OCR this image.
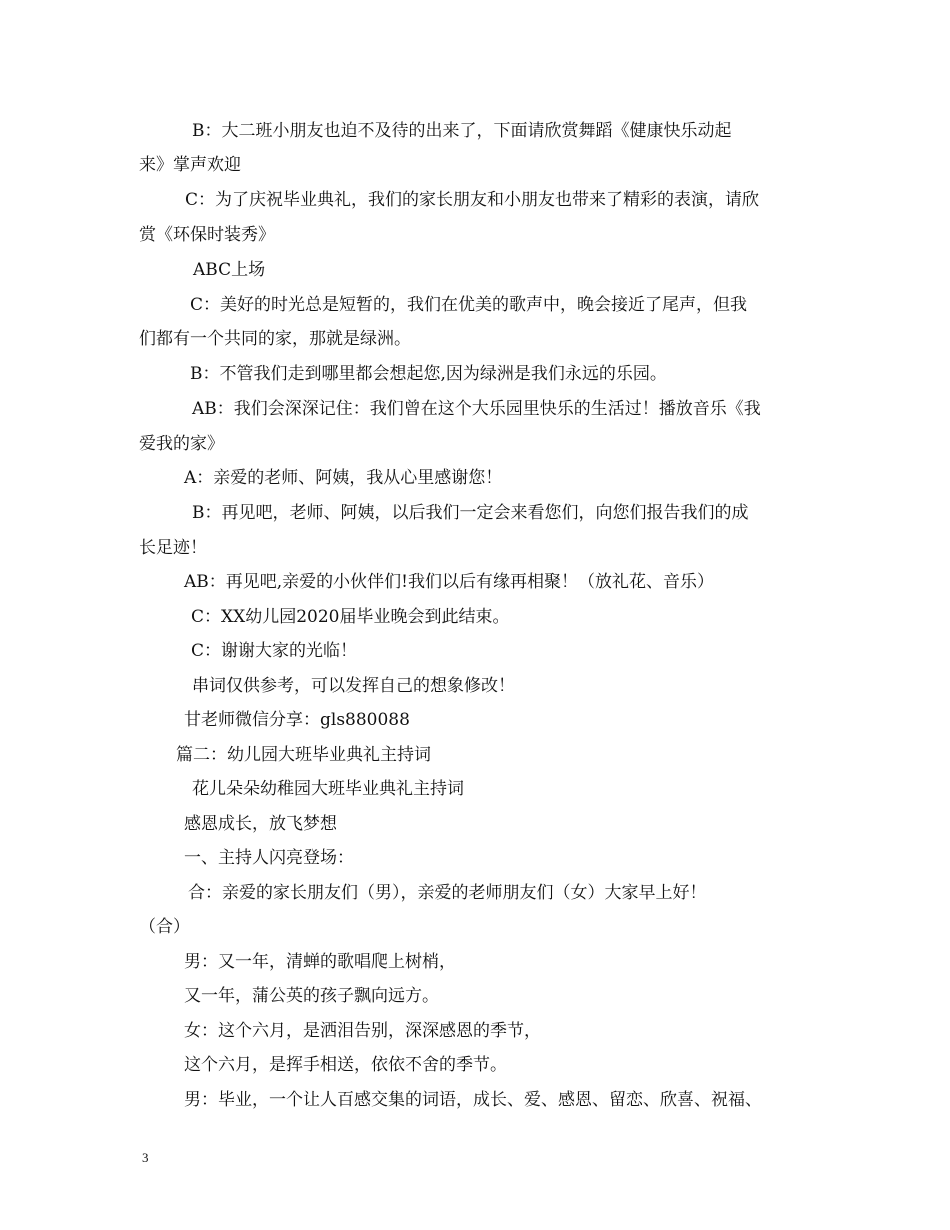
B：大二班小朋友也迫不及待的出来了，下面请欣赏舞蹈《健康快乐动起
来》掌声欢迎
C：为了庆祝毕业典礼，我们的家长朋友和小朋友也带来了精彩的表演，请欣
赏《环保时装秀》
ABC上场
C：美好的时光总是短暂的，我们在优美的歌声中，晚会接近了尾声，但我
们都有一个共同的家，那就是绿洲。
B：不管我们走到哪里都会想起您,因为绿洲是我们永远的乐园。
AB：我们会深深记住：我们曾在这个大乐园里快乐的生活过！播放音乐《我
爱我的家》
A：亲爱的老师、阿姨，我从心里感谢您！
B：再见吧，老师、阿姨，以后我们一定会来看您们，向您们报告我们的成
长足迹！
AB：再见吧,亲爱的小伙伴们!我们以后有缘再相聚！（放礼花、音乐）
C：XX幼儿园2020届毕业晚会到此结束。
C：谢谢大家的光临！
串词仅供参考，可以发挥自己的想象修改！
甘老师微信分享：gls880088
篇二：幼儿园大班毕业典礼主持词
花儿朵朵幼稚园大班毕业典礼主持词
感恩成长，放飞梦想
一、主持人闪亮登场：
合：亲爱的家长朋友们（男），亲爱的老师朋友们（女）大家早上好！
（合）
男：又一年，清蝉的歌唱爬上树梢，
又一年，蒲公英的孩子飘向远方。
女：这个六月，是洒泪告别，深深感恩的季节，
这个六月，是挥手相送，依依不舍的季节。
男：毕业，一个让人百感交集的词语，成长、爱、感恩、留恋、欣喜、祝福、
3
